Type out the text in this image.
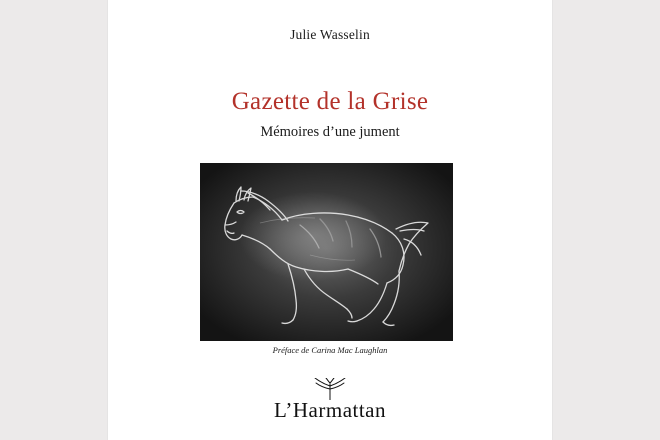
Julie Wasselin
Gazette de la Grise
Mémoires d’une jument
Préface de Carina Mac Laughlan
L’Harmattan
